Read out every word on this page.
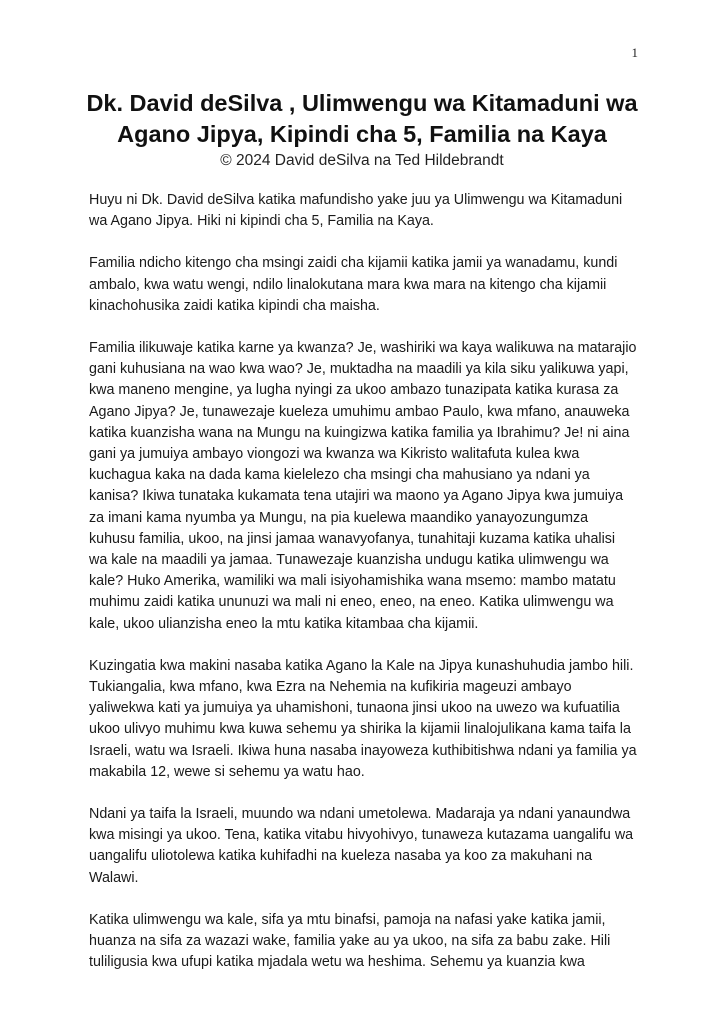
1
Dk. David deSilva , Ulimwengu wa Kitamaduni wa Agano Jipya, Kipindi cha 5, Familia na Kaya

© 2024 David deSilva na Ted Hildebrandt

Huyu ni Dk. David deSilva katika mafundisho yake juu ya Ulimwengu wa Kitamaduni wa Agano Jipya. Hiki ni kipindi cha 5, Familia na Kaya.

Familia ndicho kitengo cha msingi zaidi cha kijamii katika jamii ya wanadamu, kundi ambalo, kwa watu wengi, ndilo linalokutana mara kwa mara na kitengo cha kijamii kinachohusika zaidi katika kipindi cha maisha.

Familia ilikuwaje katika karne ya kwanza? Je, washiriki wa kaya walikuwa na matarajio gani kuhusiana na wao kwa wao? Je, muktadha na maadili ya kila siku yalikuwa yapi, kwa maneno mengine, ya lugha nyingi za ukoo ambazo tunazipata katika kurasa za Agano Jipya? Je, tunawezaje kueleza umuhimu ambao Paulo, kwa mfano, anauweka katika kuanzisha wana na Mungu na kuingizwa katika familia ya Ibrahimu? Je! ni aina gani ya jumuiya ambayo viongozi wa kwanza wa Kikristo walitafuta kulea kwa kuchagua kaka na dada kama kielelezo cha msingi cha mahusiano ya ndani ya kanisa? Ikiwa tunataka kukamata tena utajiri wa maono ya Agano Jipya kwa jumuiya za imani kama nyumba ya Mungu, na pia kuelewa maandiko yanayozungumza kuhusu familia, ukoo, na jinsi jamaa wanavyofanya, tunahitaji kuzama katika uhalisi wa kale na maadili ya jamaa. Tunawezaje kuanzisha undugu katika ulimwengu wa kale? Huko Amerika, wamiliki wa mali isiyohamishika wana msemo: mambo matatu muhimu zaidi katika ununuzi wa mali ni eneo, eneo, na eneo. Katika ulimwengu wa kale, ukoo ulianzisha eneo la mtu katika kitambaa cha kijamii.

Kuzingatia kwa makini nasaba katika Agano la Kale na Jipya kunashuhudia jambo hili. Tukiangalia, kwa mfano, kwa Ezra na Nehemia na kufikiria mageuzi ambayo yaliwekwa kati ya jumuiya ya uhamishoni, tunaona jinsi ukoo na uwezo wa kufuatilia ukoo ulivyo muhimu kwa kuwa sehemu ya shirika la kijamii linalojulikana kama taifa la Israeli, watu wa Israeli. Ikiwa huna nasaba inayoweza kuthibitishwa ndani ya familia ya makabila 12, wewe si sehemu ya watu hao.

Ndani ya taifa la Israeli, muundo wa ndani umetolewa. Madaraja ya ndani yanaundwa kwa misingi ya ukoo. Tena, katika vitabu hivyohivyo, tunaweza kutazama uangalifu wa uangalifu uliotolewa katika kuhifadhi na kueleza nasaba ya koo za makuhani na Walawi.

Katika ulimwengu wa kale, sifa ya mtu binafsi, pamoja na nafasi yake katika jamii, huanza na sifa za wazazi wake, familia yake au ya ukoo, na sifa za babu zake. Hili tuliligusia kwa ufupi katika mjadala wetu wa heshima. Sehemu ya kuanzia kwa
